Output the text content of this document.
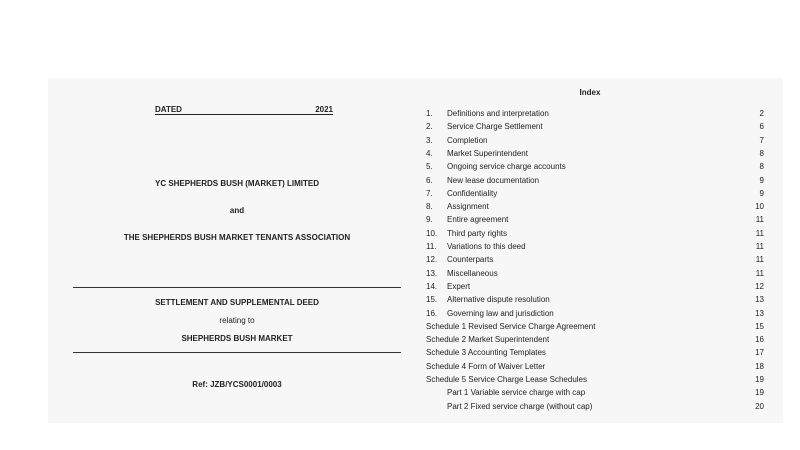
DATED	2021
YC SHEPHERDS BUSH (MARKET) LIMITED
and
THE SHEPHERDS BUSH MARKET TENANTS ASSOCIATION
SETTLEMENT AND SUPPLEMENTAL DEED
relating to
SHEPHERDS BUSH MARKET
Ref: JZB/YCS0001/0003
Index
1.	Definitions and interpretation	2
2.	Service Charge Settlement	6
3.	Completion	7
4.	Market Superintendent	8
5.	Ongoing service charge accounts	8
6.	New lease documentation	9
7.	Confidentiality	9
8.	Assignment	10
9.	Entire agreement	11
10.	Third party rights	11
11.	Variations to this deed	11
12.	Counterparts	11
13.	Miscellaneous	11
14.	Expert	12
15.	Alternative dispute resolution	13
16.	Governing law and jurisdiction	13
Schedule 1 Revised Service Charge Agreement	15
Schedule 2 Market Superintendent	16
Schedule 3 Accounting Templates	17
Schedule 4 Form of Waiver Letter	18
Schedule 5 Service Charge Lease Schedules	19
Part 1 Variable service charge with cap	19
Part 2 Fixed service charge (without cap)	20
